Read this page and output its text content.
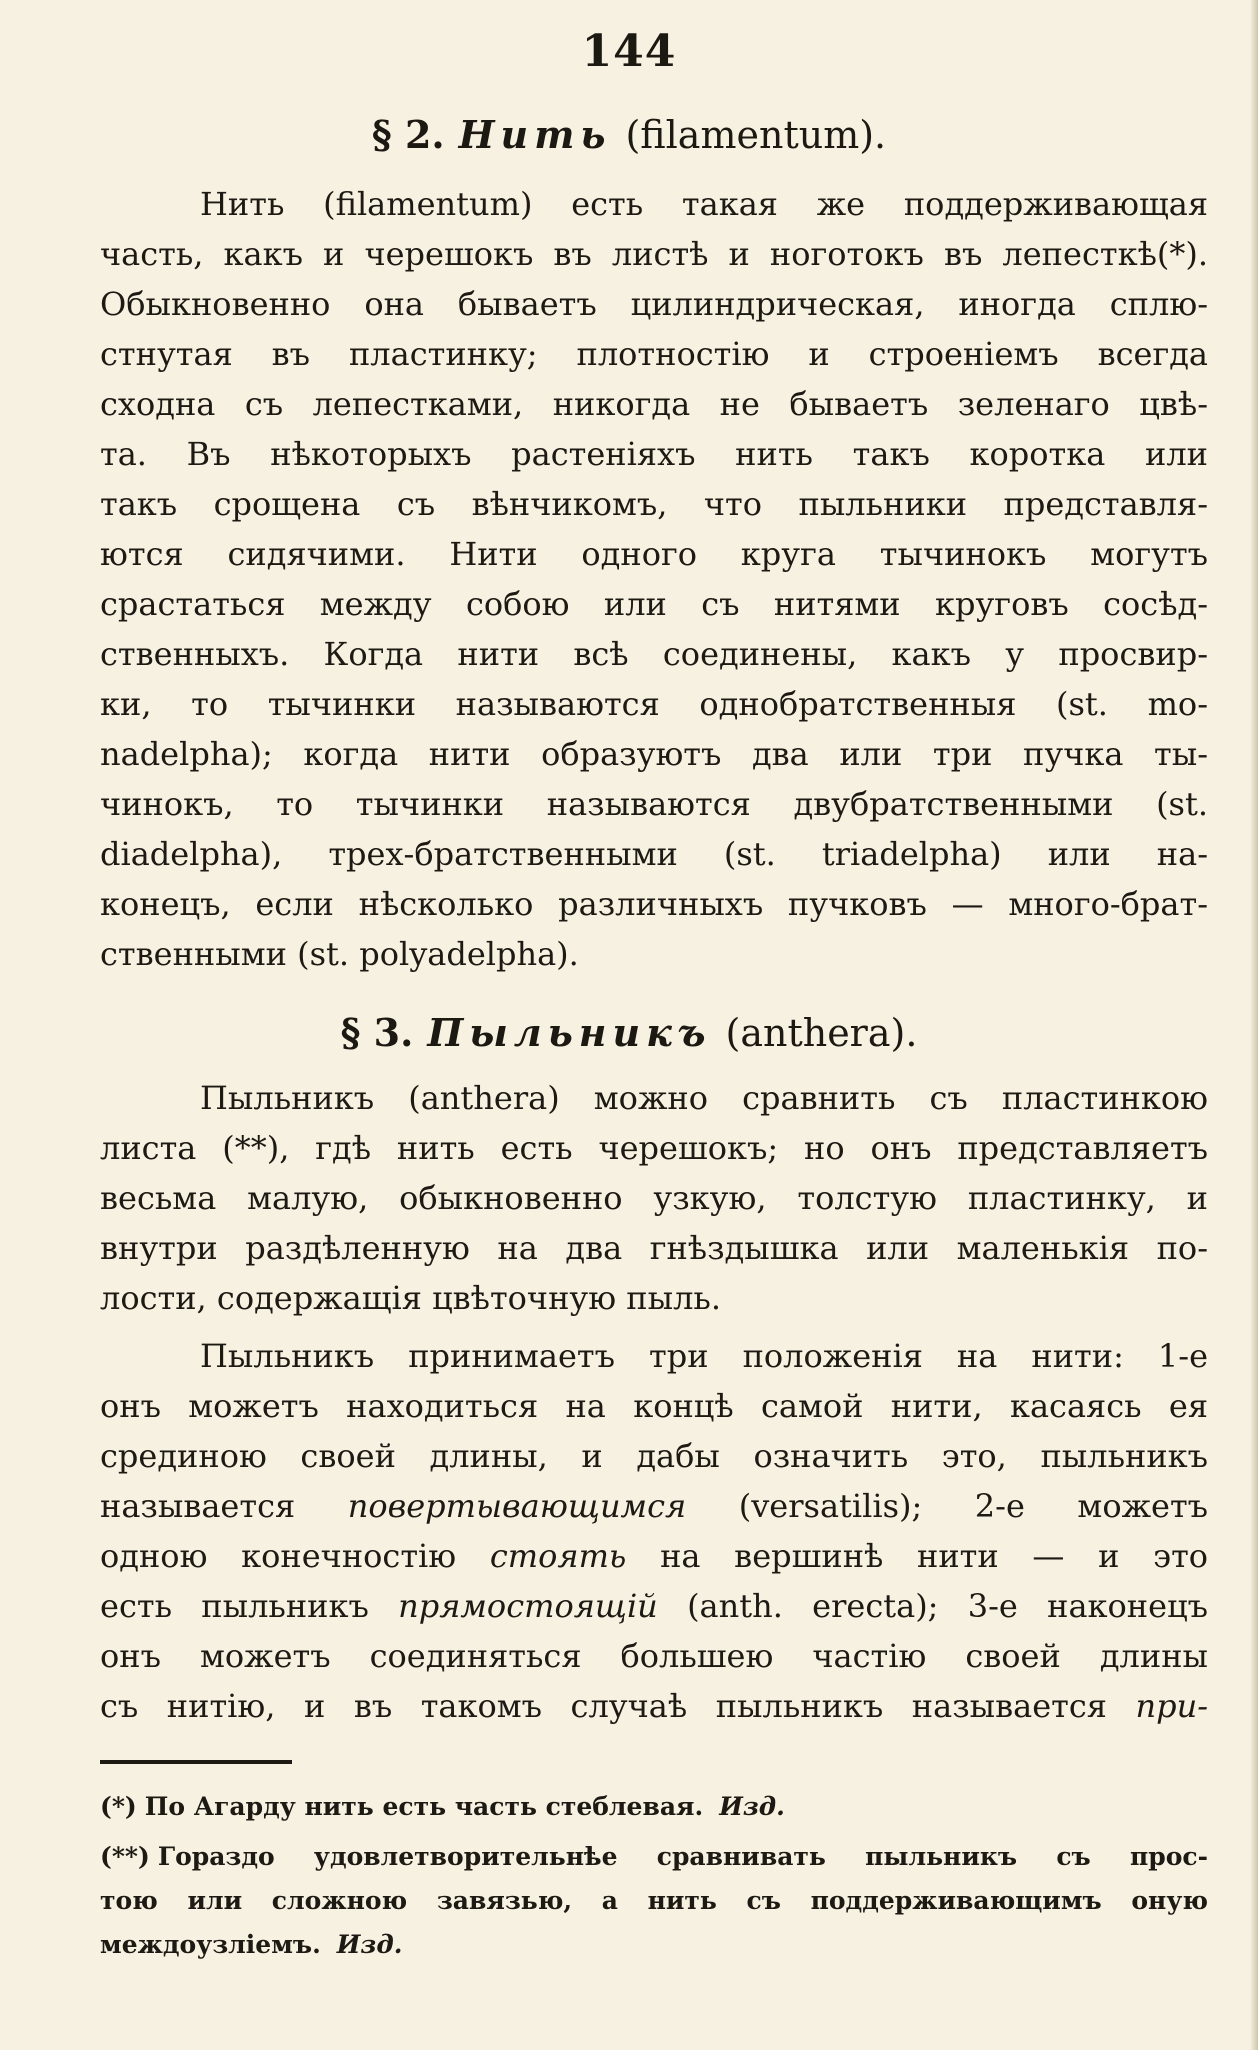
144
§ 2. Нить (filamentum).
Нить (filamentum) есть такая же поддерживающая
часть, какъ и черешокъ въ листѣ и ноготокъ въ лепесткѣ(*).
Обыкновенно она бываетъ цилиндрическая, иногда сплю-
стнутая въ пластинку; плотностію и строеніемъ всегда
сходна съ лепестками, никогда не бываетъ зеленаго цвѣ-
та. Въ нѣкоторыхъ растеніяхъ нить такъ коротка или
такъ срощена съ вѣнчикомъ, что пыльники представля-
ются сидячими. Нити одного круга тычинокъ могутъ
срастаться между собою или съ нитями круговъ сосѣд-
ственныхъ. Когда нити всѣ соединены, какъ у просвир-
ки, то тычинки называются однобратственныя (st. mo-
nadelpha); когда нити образуютъ два или три пучка ты-
чинокъ, то тычинки называются двубратственными (st.
diadelpha), трех-братственными (st. triadelpha) или на-
конецъ, если нѣсколько различныхъ пучковъ — много-брат-
ственными (st. polyadelpha).
§ 3. Пыльникъ (anthera).
Пыльникъ (anthera) можно сравнить съ пластинкою
листа (**), гдѣ нить есть черешокъ; но онъ представляетъ
весьма малую, обыкновенно узкую, толстую пластинку, и
внутри раздѣленную на два гнѣздышка или маленькія по-
лости, содержащія цвѣточную пыль.
Пыльникъ принимаетъ три положенія на нити: 1-е
онъ можетъ находиться на концѣ самой нити, касаясь ея
срединою своей длины, и дабы означить это, пыльникъ
называется повертывающимся (versatilis); 2-е можетъ
одною конечностію стоять на вершинѣ нити — и это
есть пыльникъ прямостоящій (anth. erecta); 3-е наконецъ
онъ можетъ соединяться большею частію своей длины
съ нитію, и въ такомъ случаѣ пыльникъ называется при-
(*) По Агарду нить есть часть стеблевая. Изд.
(**) Гораздо удовлетворительнѣе сравнивать пыльникъ съ прос-
тою или сложною завязью, а нить съ поддерживающимъ оную
междоузліемъ. Изд.
